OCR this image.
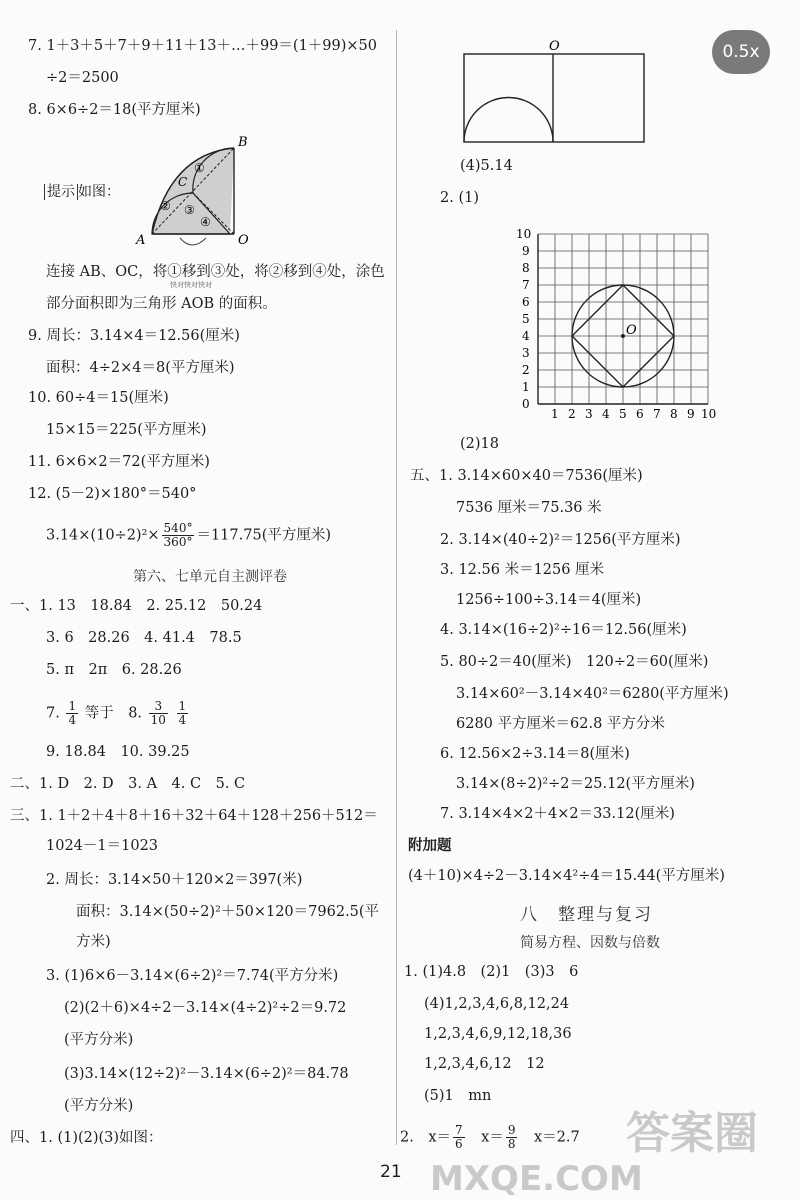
7. 1＋3＋5＋7＋9＋11＋13＋…＋99＝(1＋99)×50
÷2＝2500
8. 6×6÷2＝18(平方厘米)
提示 如图：
A
B
C
O
①
② ③
④
连接 AB、OC，将①移到③处，将②移到④处，涂色
快对快对快对
部分面积即为三角形 AOB 的面积。
9. 周长：3.14×4＝12.56(厘米)
面积：4÷2×4＝8(平方厘米)
10. 60÷4＝15(厘米)
15×15＝225(平方厘米)
11. 6×6×2＝72(平方厘米)
12. (5－2)×180°＝540°
$3.14\times(10\div 2)^2\times \frac{540^\circ}{360^\circ} =117.75$(平方厘米)
第六、七单元自主测评卷
一、1. 13　18.84　2. 25.12　50.24
3. 6　28.26　4. 41.4　78.5
5. π　2π　6. 28.26
7. $\frac{1}{4}$ 等于　8. $\frac{3}{10}$
$\frac{1}{4}$
9. 18.84　10. 39.25
二、1. D　2. D　3. A　4. C　5. C
三、1. 1＋2＋4＋8＋16＋32＋64＋128＋256＋512＝
1024－1＝1023
2. 周长：3.14×50＋120×2＝397(米)
面积：3.14×(50÷2)²＋50×120＝7962.5(平
方米)
3. (1)6×6－3.14×(6÷2)²＝7.74(平方分米)
(2)(2＋6)×4÷2－3.14×(4÷2)²÷2＝9.72
(平方分米)
(3)3.14×(12÷2)²－3.14×(6÷2)²＝84.78
(平方分米)
四、1. (1)(2)(3)如图：
O
(4)5.14
2. (1)
1 2 3 4 5 6 7 8 9 10
10
9
8
7
6
5
4
3
2
1
0
O
(2)18
五、1. 3.14×60×40＝7536(厘米)
7536 厘米＝75.36 米
2. 3.14×(40÷2)²＝1256(平方厘米)
3. 12.56 米＝1256 厘米
1256÷100÷3.14＝4(厘米)
4. 3.14×(16÷2)²÷16＝12.56(厘米)
5. 80÷2＝40(厘米)　120÷2＝60(厘米)
3.14×60²－3.14×40²＝6280(平方厘米)
6280 平方厘米＝62.8 平方分米
6. 12.56×2÷3.14＝8(厘米)
3.14×(8÷2)²÷2＝25.12(平方厘米)
7. 3.14×4×2＋4×2＝33.12(厘米)
附加题
(4＋10)×4÷2－3.14×4²÷4＝15.44(平方厘米)
八　整理与复习
简易方程、因数与倍数
1. (1)4.8　(2)1　(3)3　6
(4)1,2,3,4,6,8,12,24
1,2,3,4,6,9,12,18,36
1,2,3,4,6,12　12
(5)1　mn
2.　$x= \frac{7}{6}$
　 $x= \frac{9}{8}$
　 x＝2.7
0.5x
21
答案圈
MXQE.COM
